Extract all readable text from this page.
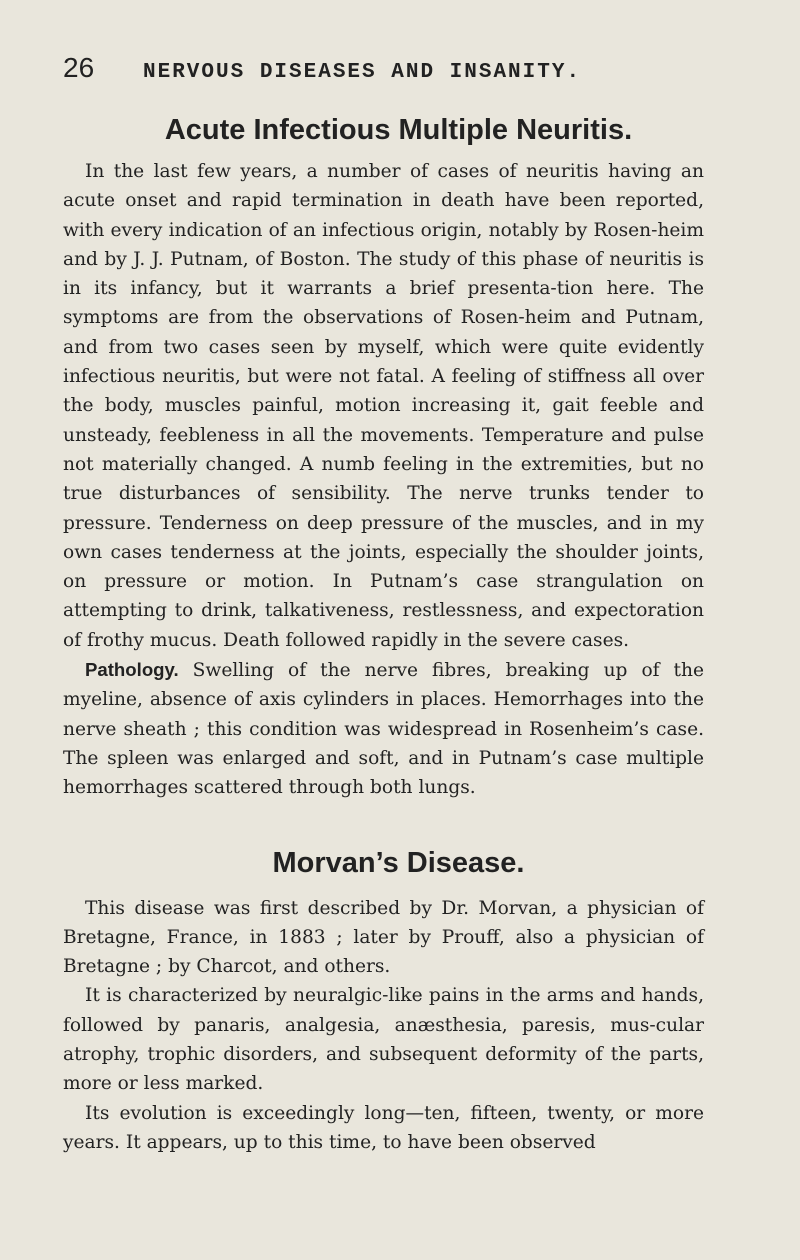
26	NERVOUS DISEASES AND INSANITY.
Acute Infectious Multiple Neuritis.

In the last few years, a number of cases of neuritis having an acute onset and rapid termination in death have been reported, with every indication of an infectious origin, notably by Rosen-heim and by J. J. Putnam, of Boston. The study of this phase of neuritis is in its infancy, but it warrants a brief presenta-tion here. The symptoms are from the observations of Rosen-heim and Putnam, and from two cases seen by myself, which were quite evidently infectious neuritis, but were not fatal. A feeling of stiffness all over the body, muscles painful, motion increasing it, gait feeble and unsteady, feebleness in all the movements. Temperature and pulse not materially changed. A numb feeling in the extremities, but no true disturbances of sensibility. The nerve trunks tender to pressure. Tenderness on deep pressure of the muscles, and in my own cases tenderness at the joints, especially the shoulder joints, on pressure or motion. In Putnam’s case strangulation on attempting to drink, talkativeness, restlessness, and expectoration of frothy mucus. Death followed rapidly in the severe cases.

Pathology. Swelling of the nerve fibres, breaking up of the myeline, absence of axis cylinders in places. Hemorrhages into the nerve sheath ; this condition was widespread in Rosenheim’s case. The spleen was enlarged and soft, and in Putnam’s case multiple hemorrhages scattered through both lungs.

Morvan’s Disease.

This disease was first described by Dr. Morvan, a physician of Bretagne, France, in 1883 ; later by Prouff, also a physician of Bretagne ; by Charcot, and others.

It is characterized by neuralgic-like pains in the arms and hands, followed by panaris, analgesia, anæsthesia, paresis, mus-cular atrophy, trophic disorders, and subsequent deformity of the parts, more or less marked.

Its evolution is exceedingly long—ten, fifteen, twenty, or more years. It appears, up to this time, to have been observed
